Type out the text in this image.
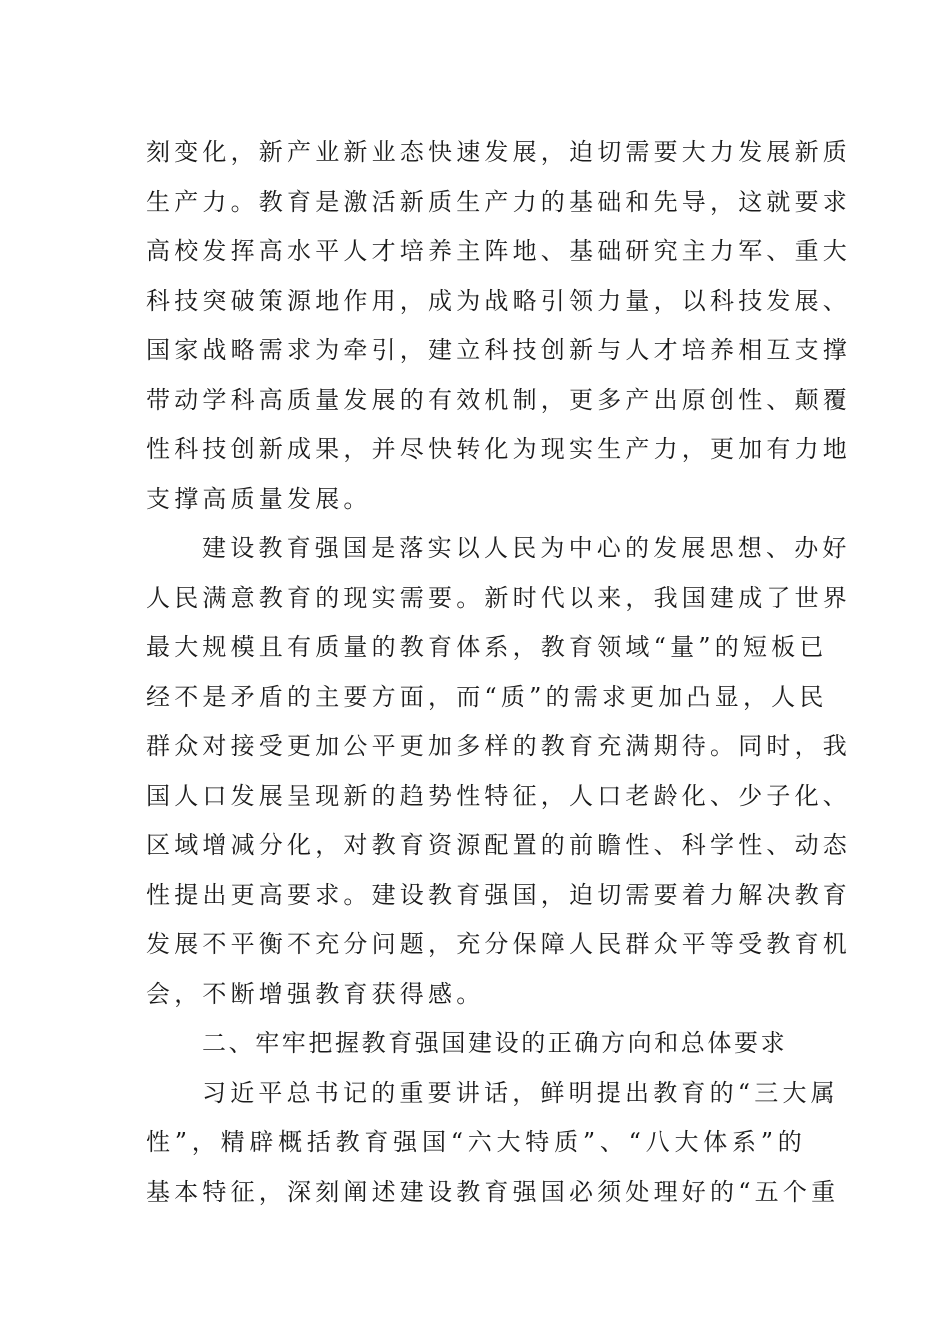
刻变化，新产业新业态快速发展，迫切需要大力发展新质
生产力。教育是激活新质生产力的基础和先导，这就要求
高校发挥高水平人才培养主阵地、基础研究主力军、重大
科技突破策源地作用，成为战略引领力量，以科技发展、
国家战略需求为牵引，建立科技创新与人才培养相互支撑
带动学科高质量发展的有效机制，更多产出原创性、颠覆
性科技创新成果，并尽快转化为现实生产力，更加有力地
支撑高质量发展。
建设教育强国是落实以人民为中心的发展思想、办好
人民满意教育的现实需要。新时代以来，我国建成了世界
最大规模且有质量的教育体系，教育领域“量”的短板已
经不是矛盾的主要方面，而“质”的需求更加凸显，人民
群众对接受更加公平更加多样的教育充满期待。同时，我
国人口发展呈现新的趋势性特征，人口老龄化、少子化、
区域增减分化，对教育资源配置的前瞻性、科学性、动态
性提出更高要求。建设教育强国，迫切需要着力解决教育
发展不平衡不充分问题，充分保障人民群众平等受教育机
会，不断增强教育获得感。
二、牢牢把握教育强国建设的正确方向和总体要求
习近平总书记的重要讲话，鲜明提出教育的“三大属
性”，精辟概括教育强国“六大特质”、“八大体系”的
基本特征，深刻阐述建设教育强国必须处理好的“五个重
